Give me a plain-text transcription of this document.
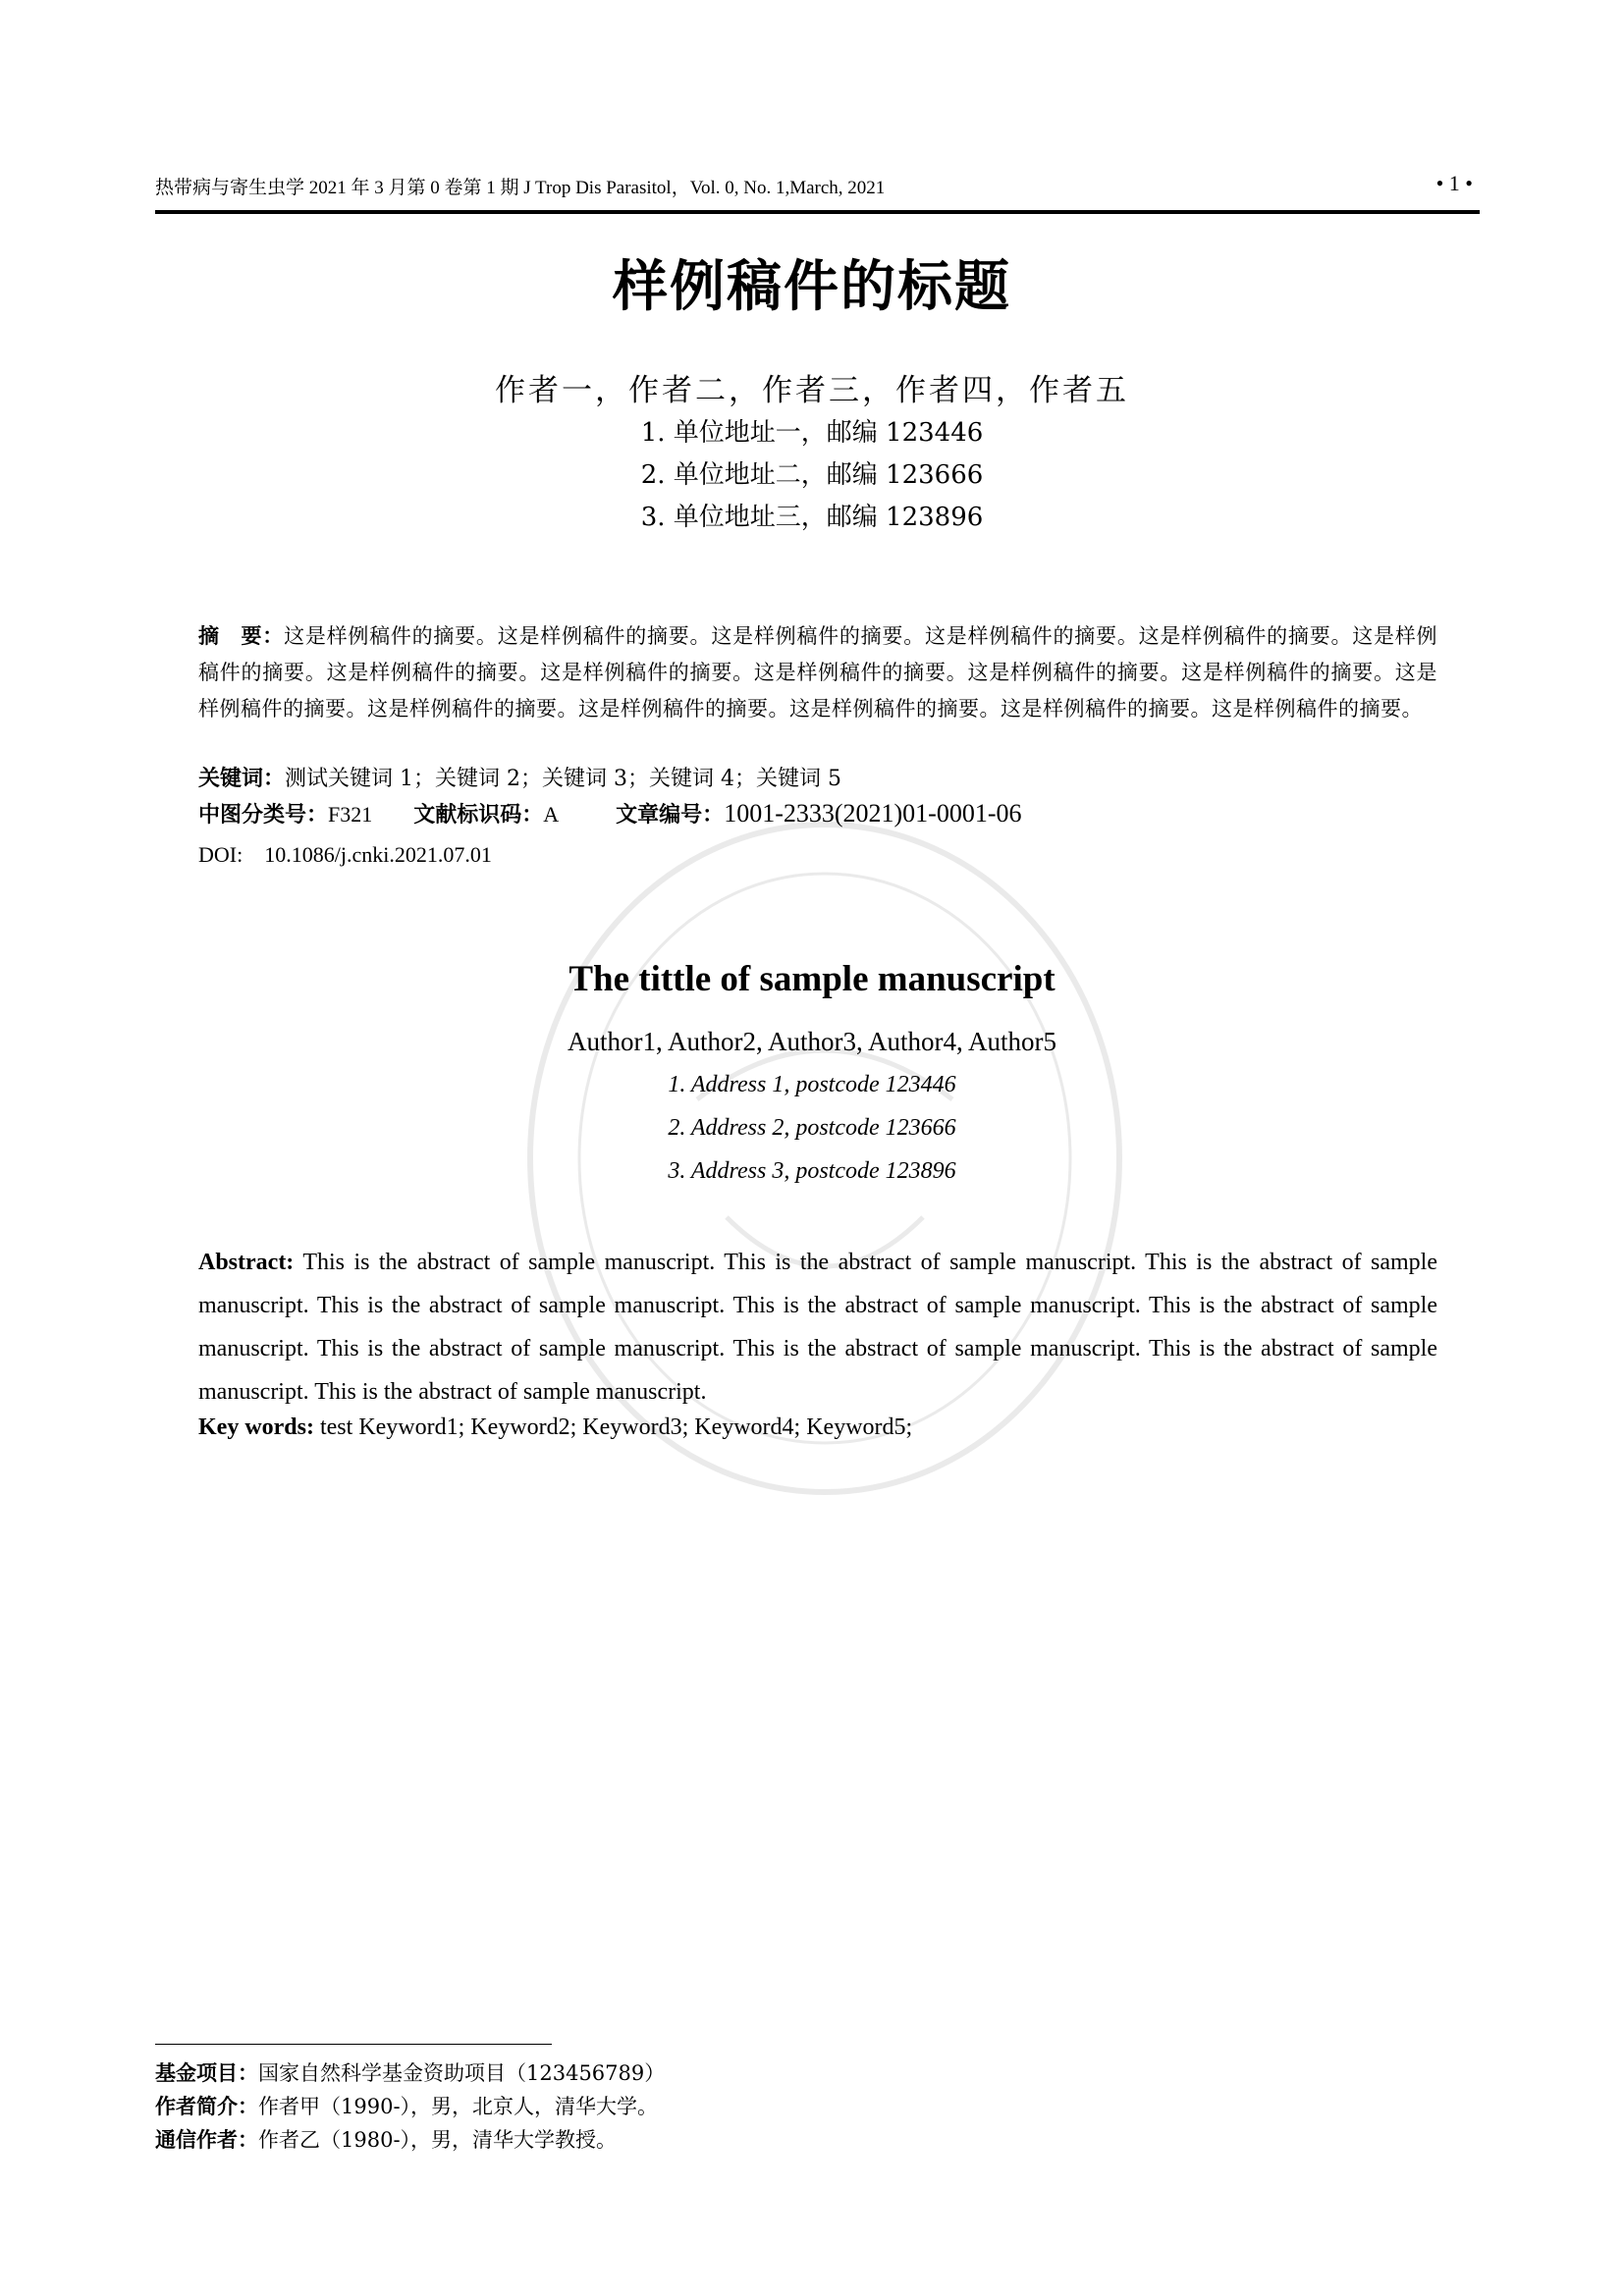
热带病与寄生虫学 2021 年 3 月第 0 卷第 1 期 J Trop Dis Parasitol，Vol. 0, No. 1,March, 2021	• 1 •
样例稿件的标题
作者一，作者二，作者三，作者四，作者五
1. 单位地址一，邮编 123446
2. 单位地址二，邮编 123666
3. 单位地址三，邮编 123896
摘　要：这是样例稿件的摘要。这是样例稿件的摘要。这是样例稿件的摘要。这是样例稿件的摘要。这是样例稿件的摘要。这是样例稿件的摘要。这是样例稿件的摘要。这是样例稿件的摘要。这是样例稿件的摘要。这是样例稿件的摘要。这是样例稿件的摘要。这是样例稿件的摘要。这是样例稿件的摘要。这是样例稿件的摘要。这是样例稿件的摘要。这是样例稿件的摘要。这是样例稿件的摘要。
关键词：测试关键词 1；关键词 2；关键词 3；关键词 4；关键词 5
中图分类号：F321 文献标识码：A	文章编号：1001-2333(2021)01-0001-06
DOI: 10.1086/j.cnki.2021.07.01
The tittle of sample manuscript
Author1, Author2, Author3, Author4, Author5
1. Address 1, postcode 123446
2. Address 2, postcode 123666
3. Address 3, postcode 123896
Abstract: This is the abstract of sample manuscript. This is the abstract of sample manuscript. This is the abstract of sample manuscript. This is the abstract of sample manuscript. This is the abstract of sample manuscript. This is the abstract of sample manuscript. This is the abstract of sample manuscript. This is the abstract of sample manuscript. This is the abstract of sample manuscript. This is the abstract of sample manuscript.
Key words: test Keyword1; Keyword2; Keyword3; Keyword4; Keyword5;
基金项目：国家自然科学基金资助项目（123456789）
作者简介：作者甲（1990-），男，北京人，清华大学。
通信作者：作者乙（1980-），男，清华大学教授。
